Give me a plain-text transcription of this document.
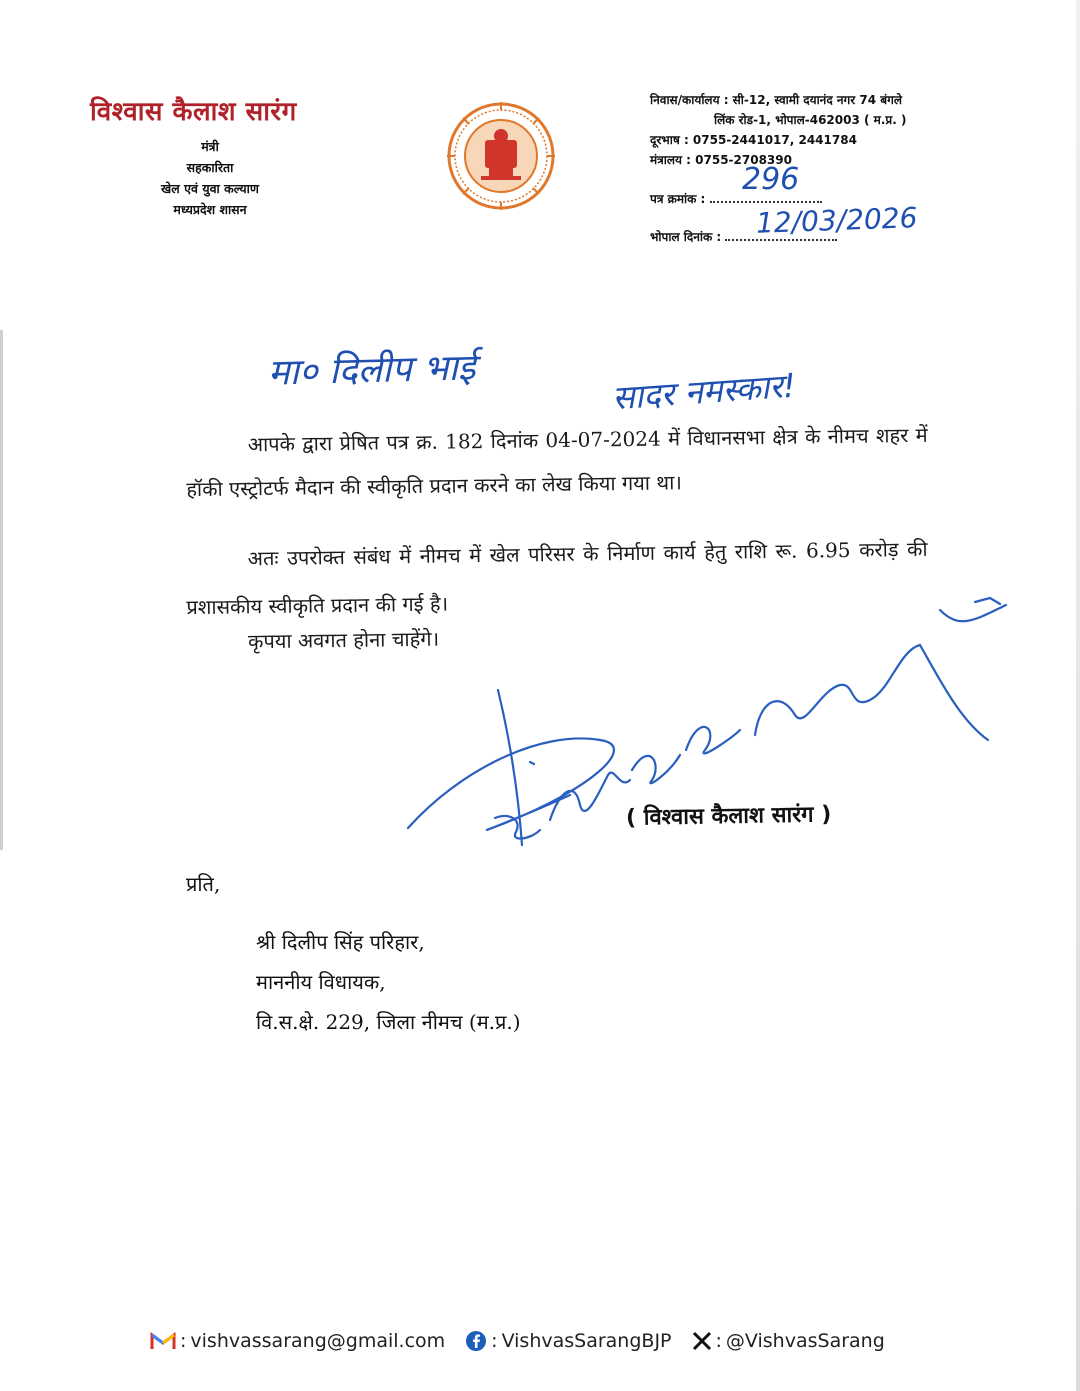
विश्वास कैलाश सारंग
मंत्री
सहकारिता
खेल एवं युवा कल्याण
मध्यप्रदेश शासन
निवास/कार्यालय : सी-12, स्वामी दयानंद नगर 74 बंगले
लिंक रोड-1, भोपाल-462003 ( म.प्र. )
दूरभाष : 0755-2441017, 2441784
मंत्रालय : 0755-2708390
पत्र क्रमांक :
296
भोपाल दिनांक :	12/03/2026
मा० दिलीप भाई	सादर नमस्कार!
आपके द्वारा प्रेषित पत्र क्र. 182 दिनांक 04-07-2024 में विधानसभा क्षेत्र के नीमच शहर में हॉकी एस्ट्रोटर्फ मैदान की स्वीकृति प्रदान करने का लेख किया गया था।
अतः उपरोक्त संबंध में नीमच में खेल परिसर के निर्माण कार्य हेतु राशि रू. 6.95 करोड़ की प्रशासकीय स्वीकृति प्रदान की गई है।
कृपया अवगत होना चाहेंगे।
( विश्वास कैलाश सारंग )
प्रति,
श्री दिलीप सिंह परिहार,
माननीय विधायक,
वि.स.क्षे. 229, जिला नीमच (म.प्र.)
: vishvassarang@gmail.com : VishvasSarangBJP : @VishvasSarang
